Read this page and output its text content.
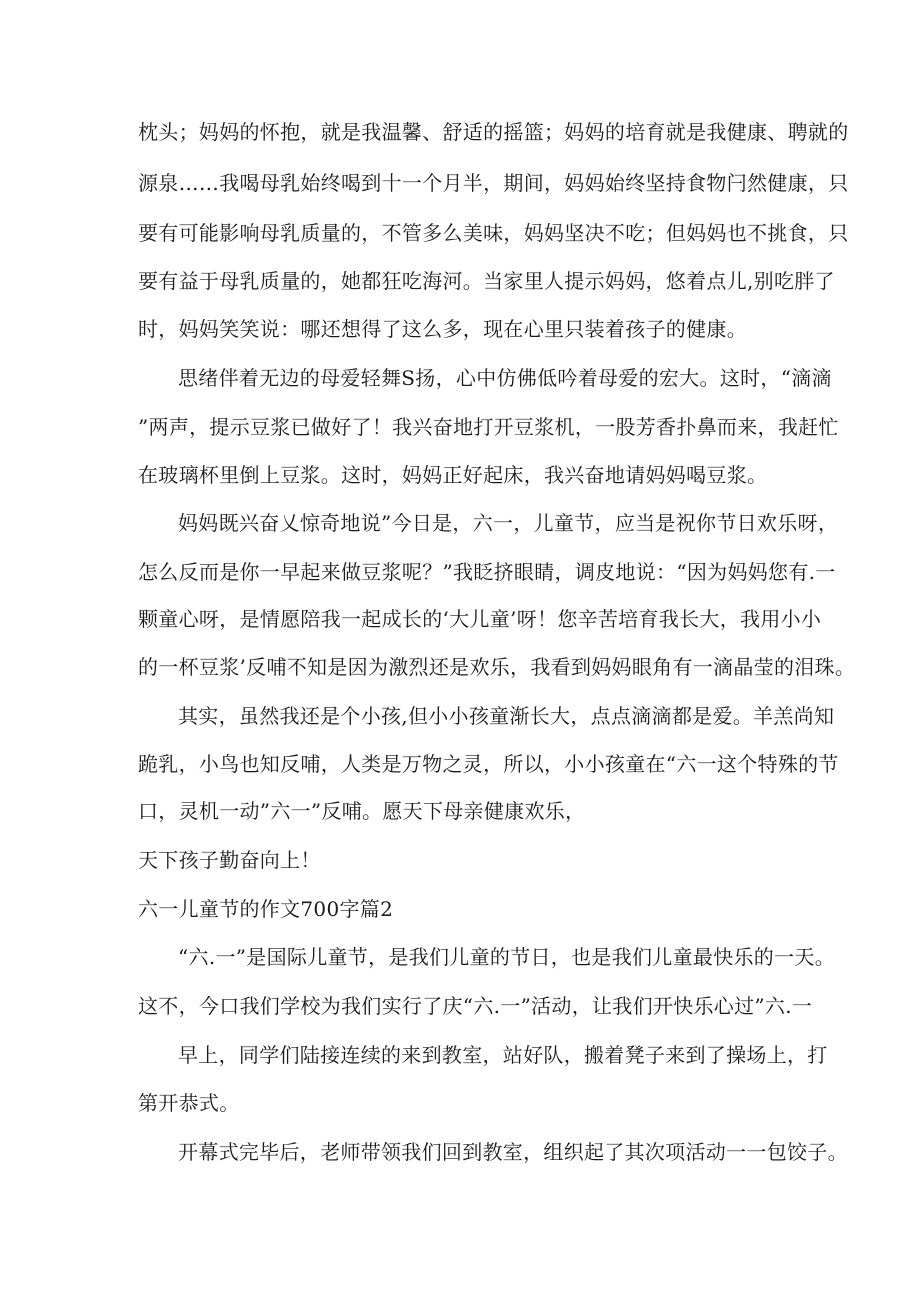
枕头；妈妈的怀抱，就是我温馨、舒适的摇篮；妈妈的培育就是我健康、聘就的
源泉……我喝母乳始终喝到十一个月半，期间，妈妈始终坚持食物闩然健康，只
要有可能影响母乳质量的，不管多么美味，妈妈坚决不吃；但妈妈也不挑食，只
要有益于母乳质量的，她都狂吃海河。当家里人提示妈妈，悠着点儿,别吃胖了
时，妈妈笑笑说：哪还想得了这么多，现在心里只装着孩子的健康。
思绪伴着无边的母爱轻舞S扬，心中仿佛低吟着母爱的宏大。这时，“滴滴
”两声，提示豆浆已做好了！我兴奋地打开豆浆机，一股芳香扑鼻而来，我赶忙
在玻璃杯里倒上豆浆。这时，妈妈正好起床，我兴奋地请妈妈喝豆浆。
妈妈既兴奋乂惊奇地说”今日是，六一，儿童节，应当是祝你节日欢乐呀，
怎么反而是你一早起来做豆浆呢？”我眨挤眼睛，调皮地说：“因为妈妈您有.一
颗童心呀，是情愿陪我一起成长的‘大儿童’呀！您辛苦培育我长大，我用小小
的一杯豆浆’反哺不知是因为激烈还是欢乐，我看到妈妈眼角有一滴晶莹的泪珠。
其实，虽然我还是个小孩,但小小孩童渐长大，点点滴滴都是爱。羊羔尚知
跪乳，小鸟也知反哺，人类是万物之灵，所以，小小孩童在“六一这个特殊的节
口，灵机一动”六一”反哺。愿天下母亲健康欢乐，
天下孩子勤奋向上！
六一儿童节的作文700字篇2
“六.一”是国际儿童节，是我们儿童的节日，也是我们儿童最快乐的一天。
这不，今口我们学校为我们实行了庆“六.一”活动，让我们开快乐心过”六.一
早上，同学们陆接连续的来到教室，站好队，搬着凳子来到了操场上，打
第开恭式。
开幕式完毕后，老师带领我们回到教室，组织起了其次项活动一一包饺子。
